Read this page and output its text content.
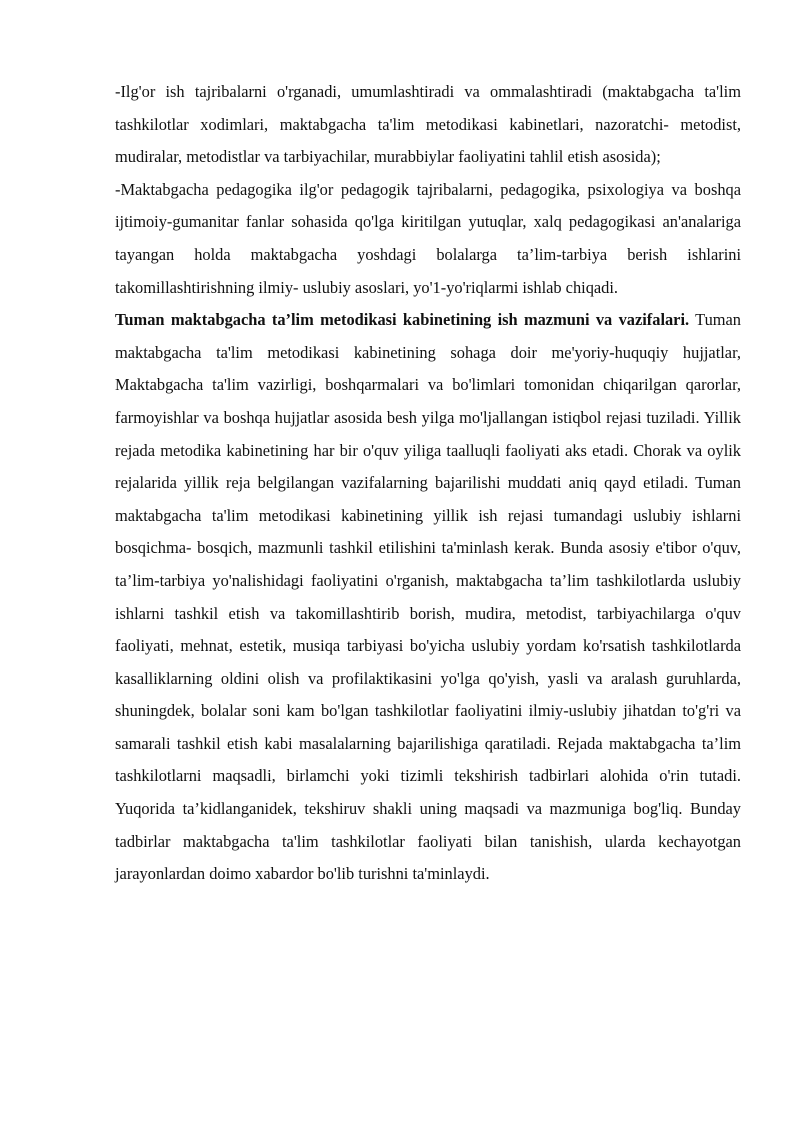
-Ilg'or ish tajribalarni o'rganadi, umumlashtiradi va ommalashtiradi (maktabgacha ta'lim tashkilotlar xodimlari, maktabgacha ta'lim metodikasi kabinetlari, nazoratchi- metodist, mudiralar, metodistlar va tarbiyachilar, murabbiylar faoliyatini tahlil etish asosida);

-Maktabgacha pedagogika ilg'or pedagogik tajribalarni, pedagogika, psixologiya va boshqa ijtimoiy-gumanitar fanlar sohasida qo'lga kiritilgan yutuqlar, xalq pedagogikasi an'analariga tayangan holda maktabgacha yoshdagi bolalarga ta’lim-tarbiya berish ishlarini takomillashtirishning ilmiy- uslubiy asoslari, yo'1-yo'riqlarmi ishlab chiqadi.

Tuman maktabgacha ta’lim metodikasi kabinetining ish mazmuni va vazifalari. Tuman maktabgacha ta'lim metodikasi kabinetining sohaga doir me'yoriy-huquqiy hujjatlar, Maktabgacha ta'lim vazirligi, boshqarmalari va bo'limlari tomonidan chiqarilgan qarorlar, farmoyishlar va boshqa hujjatlar asosida besh yilga mo'ljallangan istiqbol rejasi tuziladi. Yillik rejada metodika kabinetining har bir o'quv yiliga taalluqli faoliyati aks etadi. Chorak va oylik rejalarida yillik reja belgilangan vazifalarning bajarilishi muddati aniq qayd etiladi. Tuman maktabgacha ta'lim metodikasi kabinetining yillik ish rejasi tumandagi uslubiy ishlarni bosqichma- bosqich, mazmunli tashkil etilishini ta'minlash kerak. Bunda asosiy e'tibor o'quv, ta’lim-tarbiya yo'nalishidagi faoliyatini o'rganish, maktabgacha ta’lim tashkilotlarda uslubiy ishlarni tashkil etish va takomillashtirib borish, mudira, metodist, tarbiyachilarga o'quv faoliyati, mehnat, estetik, musiqa tarbiyasi bo'yicha uslubiy yordam ko'rsatish tashkilotlarda kasalliklarning oldini olish va profilaktikasini yo'lga qo'yish, yasli va aralash guruhlarda, shuningdek, bolalar soni kam bo'lgan tashkilotlar faoliyatini ilmiy-uslubiy jihatdan to'g'ri va samarali tashkil etish kabi masalalarning bajarilishiga qaratiladi. Rejada maktabgacha ta’lim tashkilotlarni maqsadli, birlamchi yoki tizimli tekshirish tadbirlari alohida o'rin tutadi. Yuqorida ta’kidlanganidek, tekshiruv shakli uning maqsadi va mazmuniga bog'liq. Bunday tadbirlar maktabgacha ta'lim tashkilotlar faoliyati bilan tanishish, ularda kechayotgan jarayonlardan doimo xabardor bo'lib turishni ta'minlaydi.
